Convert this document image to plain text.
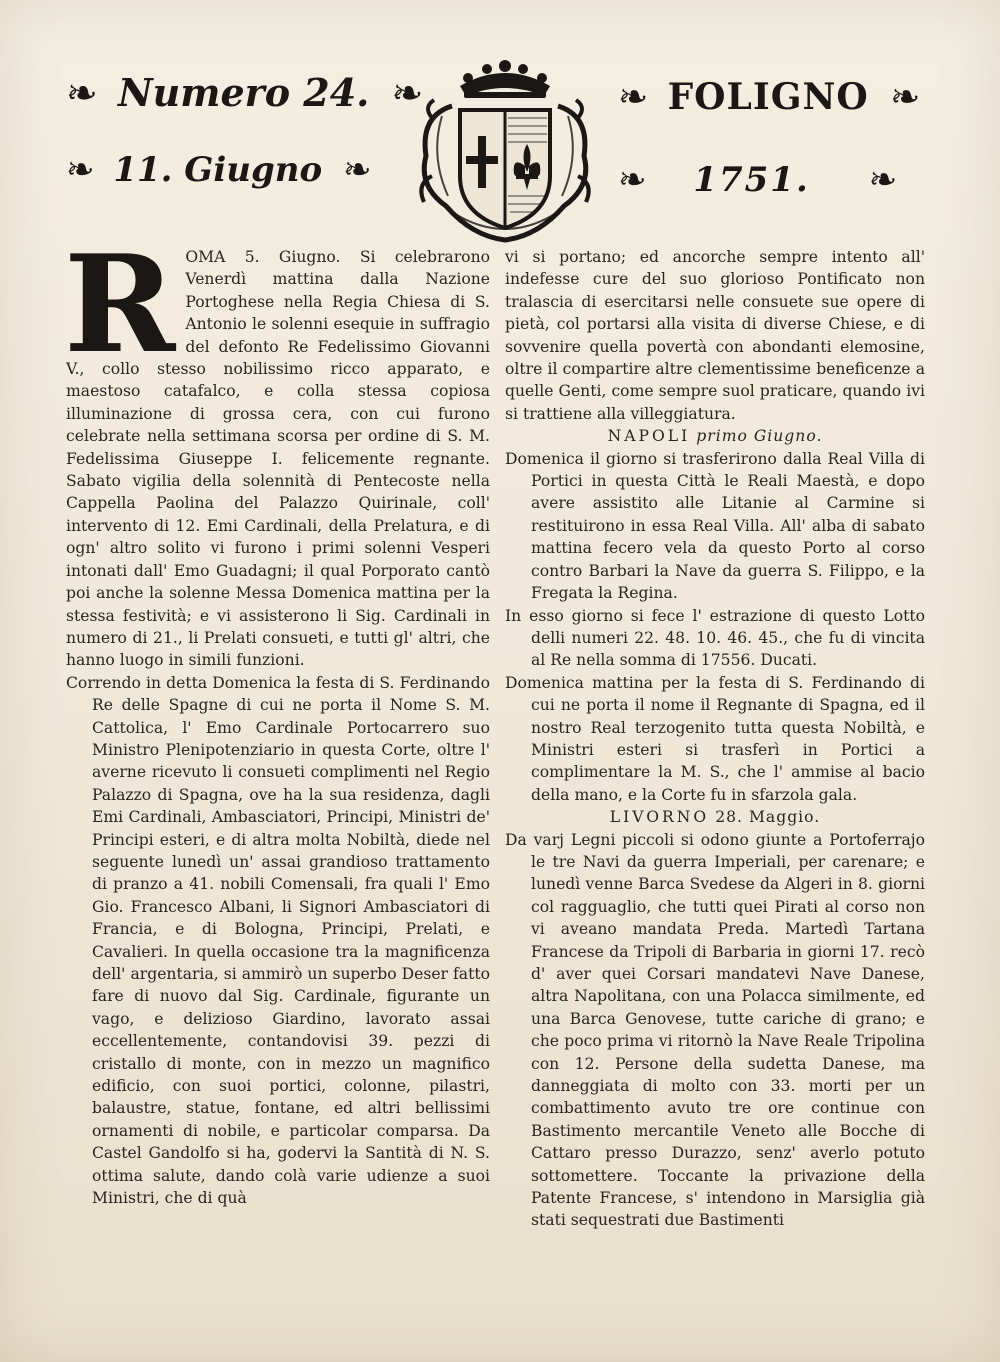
❧ Numero 24. ❧
❧ 11. Giugno ❧
❧ FOLIGNO ❧
❧ 1751. ❧
R OMA 5. Giugno. Si celebrarono Venerdì mattina dalla Nazione Portoghese nella Regia Chiesa di S. Antonio le solenni esequie in suffragio del defonto Re Fedelissimo Giovanni V., collo stesso nobilissimo ricco apparato, e maestoso catafalco, e colla stessa copiosa illuminazione di grossa cera, con cui furono celebrate nella settimana scorsa per ordine di S. M. Fedelissima Giuseppe I. felicemente regnante. Sabato vigilia della solennità di Pentecoste nella Cappella Paolina del Palazzo Quirinale, coll' intervento di 12. Emi Cardinali, della Prelatura, e di ogn' altro solito vi furono i primi solenni Vesperi intonati dall' Emo Guadagni; il qual Porporato cantò poi anche la solenne Messa Domenica mattina per la stessa festività; e vi assisterono li Sig. Cardinali in numero di 21., li Prelati consueti, e tutti gl' altri, che hanno luogo in simili funzioni.

Correndo in detta Domenica la festa di S. Ferdinando Re delle Spagne di cui ne porta il Nome S. M. Cattolica, l' Emo Cardinale Portocarrero suo Ministro Plenipotenziario in questa Corte, oltre l' averne ricevuto li consueti complimenti nel Regio Palazzo di Spagna, ove ha la sua residenza, dagli Emi Cardinali, Ambasciatori, Principi, Ministri de' Principi esteri, e di altra molta Nobiltà, diede nel seguente lunedì un' assai grandioso trattamento di pranzo a 41. nobili Comensali, fra quali l' Emo Gio. Francesco Albani, li Signori Ambasciatori di Francia, e di Bologna, Principi, Prelati, e Cavalieri. In quella occasione tra la magnificenza dell' argentaria, si ammirò un superbo Deser fatto fare di nuovo dal Sig. Cardinale, figurante un vago, e delizioso Giardino, lavorato assai eccellentemente, contandovisi 39. pezzi di cristallo di monte, con in mezzo un magnifico edificio, con suoi portici, colonne, pilastri, balaustre, statue, fontane, ed altri bellissimi ornamenti di nobile, e particolar comparsa. Da Castel Gandolfo si ha, godervi la Santità di N. S. ottima salute, dando colà varie udienze a suoi Ministri, che di quà

vi si portano; ed ancorche sempre intento all' indefesse cure del suo glorioso Pontificato non tralascia di esercitarsi nelle consuete sue opere di pietà, col portarsi alla visita di diverse Chiese, e di sovvenire quella povertà con abondanti elemosine, oltre il compartire altre clementissime beneficenze a quelle Genti, come sempre suol praticare, quando ivi si trattiene alla villeggiatura.

NAPOLI primo Giugno.

Domenica il giorno si trasferirono dalla Real Villa di Portici in questa Città le Reali Maestà, e dopo avere assistito alle Litanie al Carmine si restituirono in essa Real Villa. All' alba di sabato mattina fecero vela da questo Porto al corso contro Barbari la Nave da guerra S. Filippo, e la Fregata la Regina.

In esso giorno si fece l' estrazione di questo Lotto delli numeri 22. 48. 10. 46. 45., che fu di vincita al Re nella somma di 17556. Ducati.

Domenica mattina per la festa di S. Ferdinando di cui ne porta il nome il Regnante di Spagna, ed il nostro Real terzogenito tutta questa Nobiltà, e Ministri esteri si trasferì in Portici a complimentare la M. S., che l' ammise al bacio della mano, e la Corte fu in sfarzola gala.

LIVORNO 28. Maggio.

Da varj Legni piccoli si odono giunte a Portoferrajo le tre Navi da guerra Imperiali, per carenare; e lunedì venne Barca Svedese da Algeri in 8. giorni col ragguaglio, che tutti quei Pirati al corso non vi aveano mandata Preda. Martedì Tartana Francese da Tripoli di Barbaria in giorni 17. recò d' aver quei Corsari mandatevi Nave Danese, altra Napolitana, con una Polacca similmente, ed una Barca Genovese, tutte cariche di grano; e che poco prima vi ritornò la Nave Reale Tripolina con 12. Persone della sudetta Danese, ma danneggiata di molto con 33. morti per un combattimento avuto tre ore continue con Bastimento mercantile Veneto alle Bocche di Cattaro presso Durazzo, senz' averlo potuto sottomettere. Toccante la privazione della Patente Francese, s' intendono in Marsiglia già stati sequestrati due Bastimenti
